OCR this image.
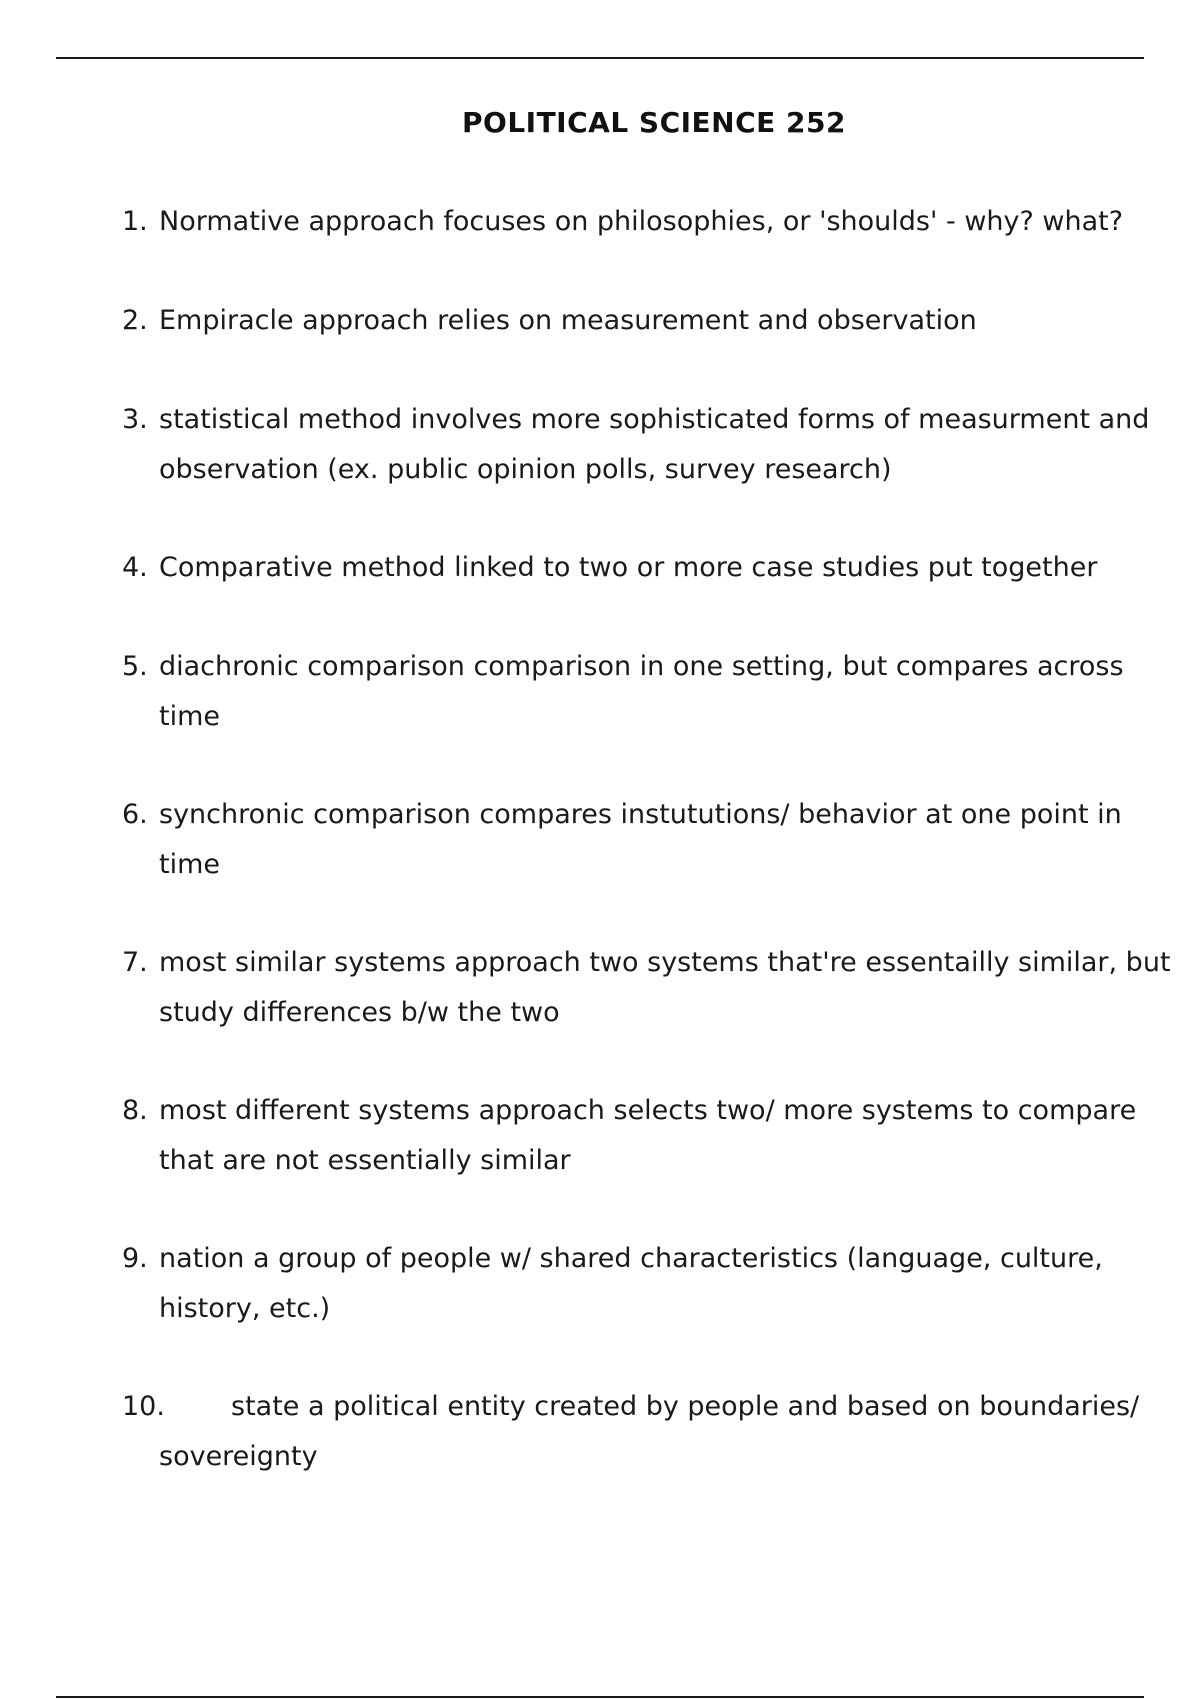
POLITICAL SCIENCE 252
1. Normative approach focuses on philosophies, or 'shoulds' - why? what?
2. Empiracle approach relies on measurement and observation
3. statistical method involves more sophisticated forms of measurment and observation (ex. public opinion polls, survey research)
4. Comparative method linked to two or more case studies put together
5. diachronic comparison comparison in one setting, but compares across time
6. synchronic comparison compares instututions/ behavior at one point in time
7. most similar systems approach two systems that're essentailly similar, but study differences b/w the two
8. most different systems approach selects two/ more systems to compare that are not essentially similar
9. nation a group of people w/ shared characteristics (language, culture, history, etc.)
10.	state a political entity created by people and based on boundaries/ sovereignty
